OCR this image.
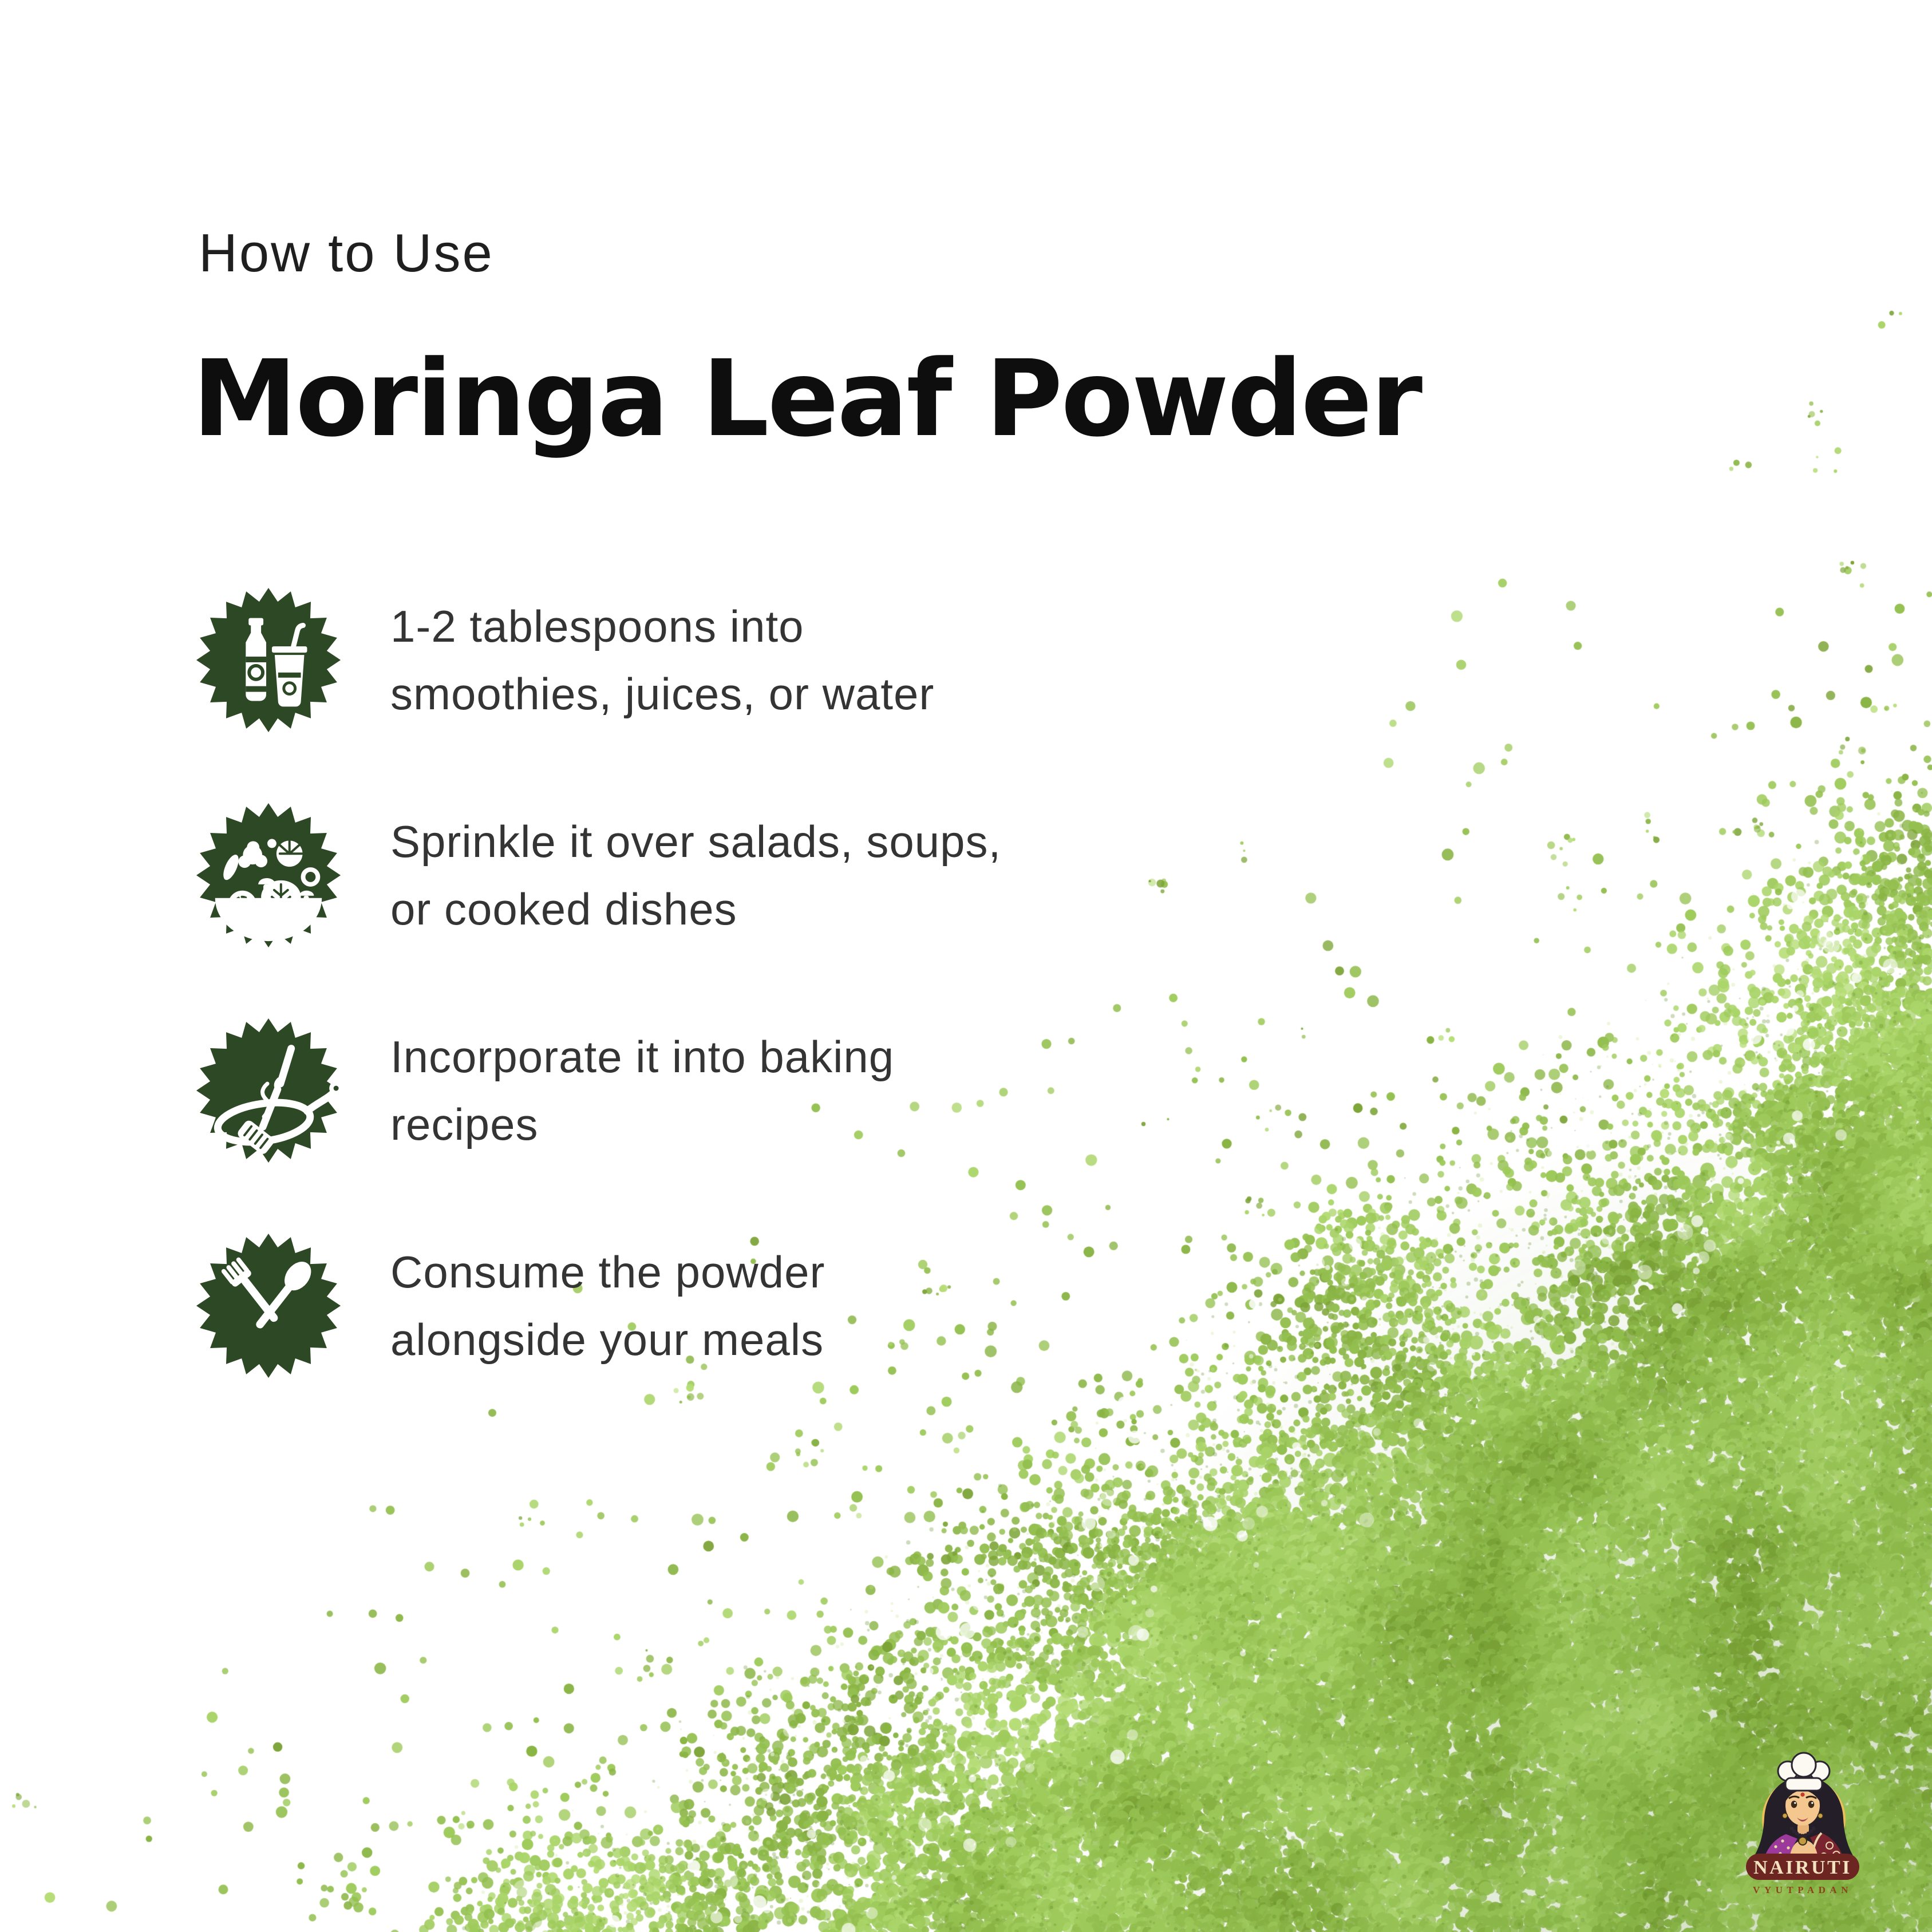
How to Use
Moringa Leaf Powder
1-2 tablespoons into
smoothies, juices, or water
Sprinkle it over salads, soups,
or cooked dishes
Incorporate it into baking
recipes
Consume the powder
alongside your meals
NAIRUTI
VYUTPADAN
